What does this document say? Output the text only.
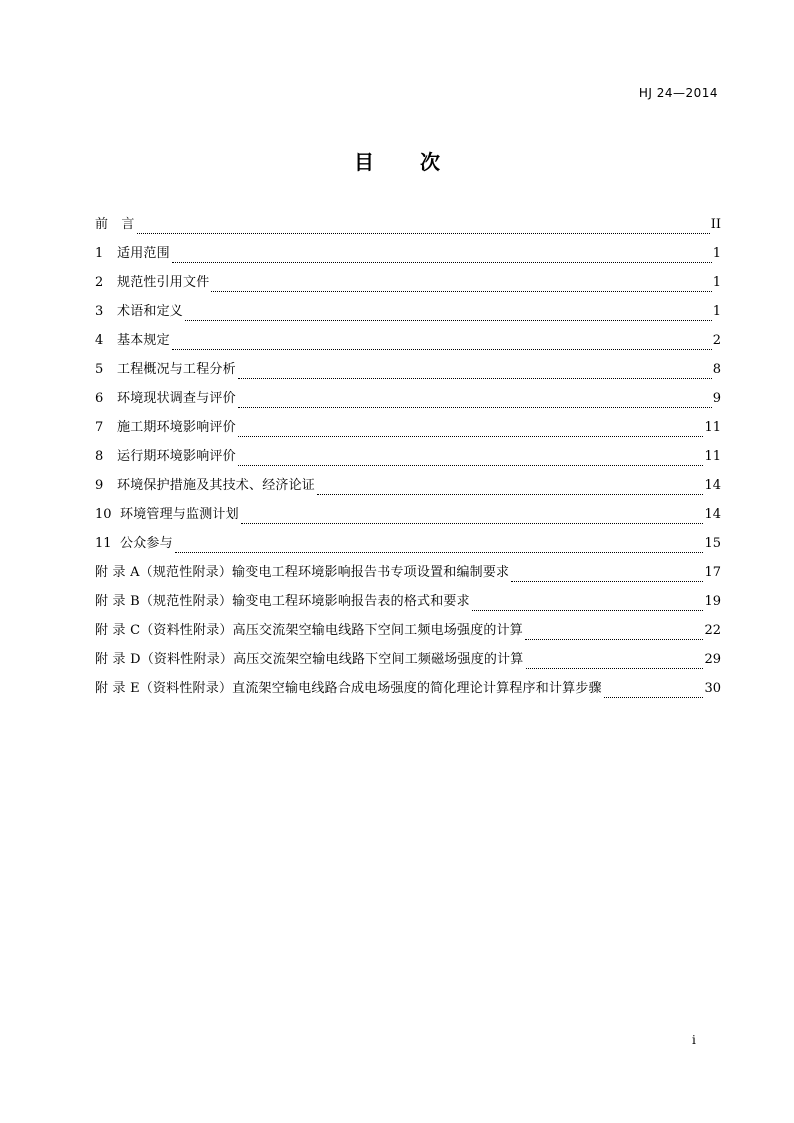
HJ 24—2014
目 次
前　言	II
1	适用范围	1
2	规范性引用文件	1
3	术语和定义	1
4	基本规定	2
5	工程概况与工程分析	8
6	环境现状调查与评价	9
7	施工期环境影响评价	11
8	运行期环境影响评价	11
9	环境保护措施及其技术、经济论证	14
10 环境管理与监测计划	14
11 公众参与	15
附 录 A（规范性附录）输变电工程环境影响报告书专项设置和编制要求	17
附 录 B（规范性附录）输变电工程环境影响报告表的格式和要求	19
附 录 C（资料性附录）高压交流架空输电线路下空间工频电场强度的计算	22
附 录 D（资料性附录）高压交流架空输电线路下空间工频磁场强度的计算	29
附 录 E（资料性附录）直流架空输电线路合成电场强度的简化理论计算程序和计算步骤	30
i
